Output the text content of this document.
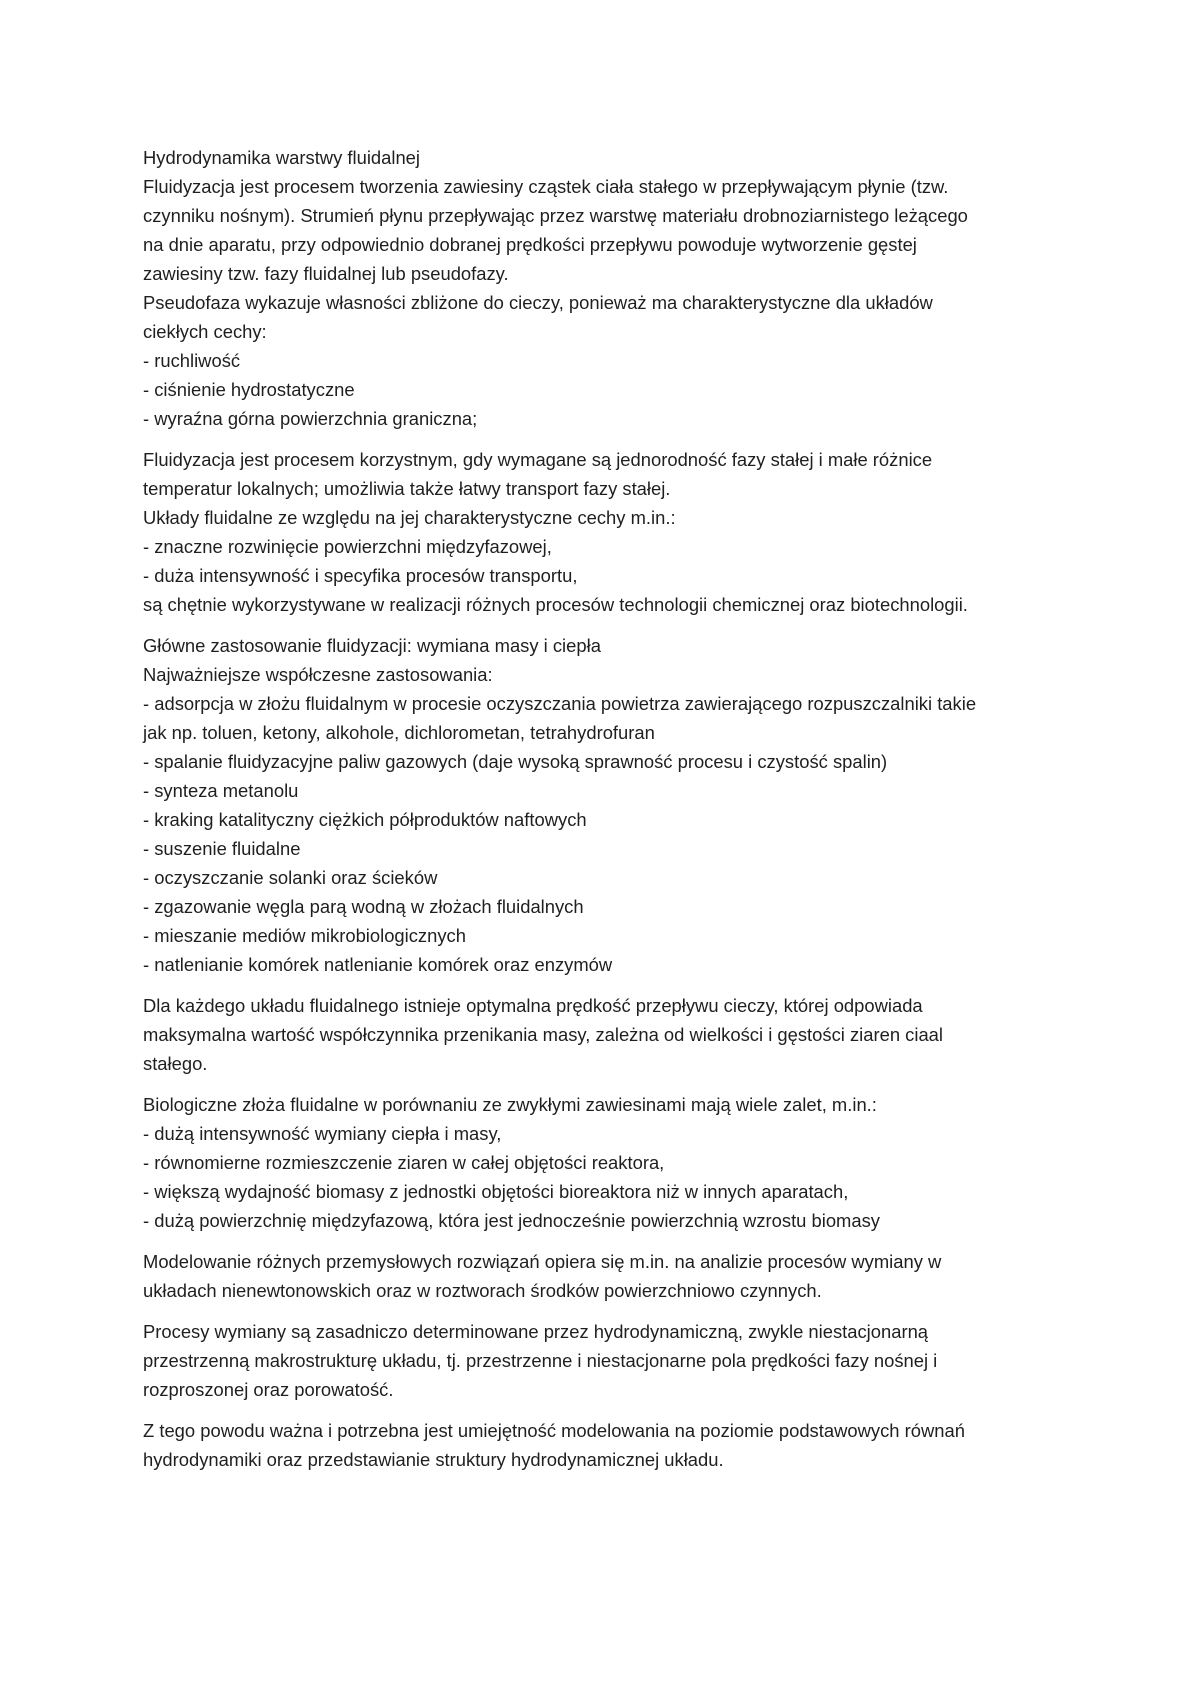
Hydrodynamika warstwy fluidalnej
Fluidyzacja jest procesem tworzenia zawiesiny cząstek ciała stałego w przepływającym płynie (tzw.
czynniku nośnym). Strumień płynu przepływając przez warstwę materiału drobnoziarnistego leżącego
na dnie aparatu, przy odpowiednio dobranej prędkości przepływu powoduje wytworzenie gęstej
zawiesiny tzw. fazy fluidalnej lub pseudofazy.
Pseudofaza wykazuje własności zbliżone do cieczy, ponieważ ma charakterystyczne dla układów
ciekłych cechy:
- ruchliwość
- ciśnienie hydrostatyczne
- wyraźna górna powierzchnia graniczna;
Fluidyzacja jest procesem korzystnym, gdy wymagane są jednorodność fazy stałej i małe różnice
temperatur lokalnych; umożliwia także łatwy transport fazy stałej.
Układy fluidalne ze względu na jej charakterystyczne cechy m.in.:
- znaczne rozwinięcie powierzchni międzyfazowej,
- duża intensywność i specyfika procesów transportu,
są chętnie wykorzystywane w realizacji różnych procesów technologii chemicznej oraz biotechnologii.
Główne zastosowanie fluidyzacji: wymiana masy i ciepła
Najważniejsze współczesne zastosowania:
- adsorpcja w złożu fluidalnym w procesie oczyszczania powietrza zawierającego rozpuszczalniki takie
jak np. toluen, ketony, alkohole, dichlorometan, tetrahydrofuran
- spalanie fluidyzacyjne paliw gazowych (daje wysoką sprawność procesu i czystość spalin)
- synteza metanolu
- kraking katalityczny ciężkich półproduktów naftowych
- suszenie fluidalne
- oczyszczanie solanki oraz ścieków
- zgazowanie węgla parą wodną w złożach fluidalnych
- mieszanie mediów mikrobiologicznych
- natlenianie komórek natlenianie komórek oraz enzymów
Dla każdego układu fluidalnego istnieje optymalna prędkość przepływu cieczy, której odpowiada
maksymalna wartość współczynnika przenikania masy, zależna od wielkości i gęstości ziaren ciaal
stałego.
Biologiczne złoża fluidalne w porównaniu ze zwykłymi zawiesinami mają wiele zalet, m.in.:
- dużą intensywność wymiany ciepła i masy,
- równomierne rozmieszczenie ziaren w całej objętości reaktora,
- większą wydajność biomasy z jednostki objętości bioreaktora niż w innych aparatach,
- dużą powierzchnię międzyfazową, która jest jednocześnie powierzchnią wzrostu biomasy
Modelowanie różnych przemysłowych rozwiązań opiera się m.in. na analizie procesów wymiany w
układach nienewtonowskich oraz w roztworach środków powierzchniowo czynnych.
Procesy wymiany są zasadniczo determinowane przez hydrodynamiczną, zwykle niestacjonarną
przestrzenną makrostrukturę układu, tj. przestrzenne i niestacjonarne pola prędkości fazy nośnej i
rozproszonej oraz porowatość.
Z tego powodu ważna i potrzebna jest umiejętność modelowania na poziomie podstawowych równań
hydrodynamiki oraz przedstawianie struktury hydrodynamicznej układu.
